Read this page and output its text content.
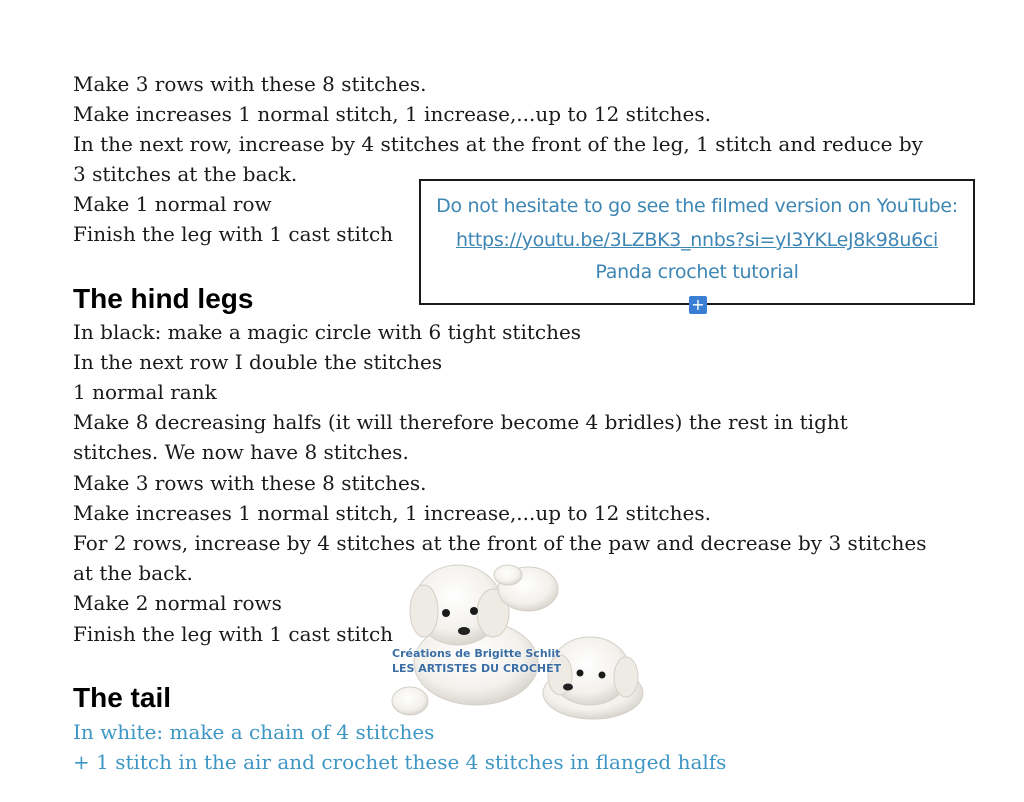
Make 3 rows with these 8 stitches.
Make increases 1 normal stitch, 1 increase,...up to 12 stitches.
In the next row, increase by 4 stitches at the front of the leg, 1 stitch and reduce by
3 stitches at the back.
Make 1 normal row
Finish the leg with 1 cast stitch
Do not hesitate to go see the filmed version on YouTube:
https://youtu.be/3LZBK3_nnbs?si=yI3YKLeJ8k98u6ci
Panda crochet tutorial
+
The hind legs
In black: make a magic circle with 6 tight stitches
In the next row I double the stitches
1 normal rank
Make 8 decreasing halfs (it will therefore become 4 bridles) the rest in tight
stitches. We now have 8 stitches.
Make 3 rows with these 8 stitches.
Make increases 1 normal stitch, 1 increase,...up to 12 stitches.
For 2 rows, increase by 4 stitches at the front of the paw and decrease by 3 stitches
at the back.
Make 2 normal rows
Finish the leg with 1 cast stitch
Créations de Brigitte Schlit
LES ARTISTES DU CROCHET
The tail
In white: make a chain of 4 stitches
+ 1 stitch in the air and crochet these 4 stitches in flanged halfs
